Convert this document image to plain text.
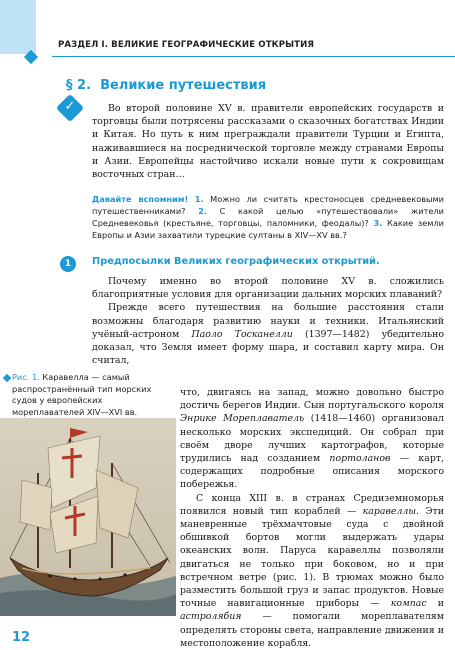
РАЗДЕЛ I. ВЕЛИКИЕ ГЕОГРАФИЧЕСКИЕ ОТКРЫТИЯ
§ 2. Великие путешествия
✓	Во второй половине XV в. правители европейских государств и торговцы были потрясены рассказами о сказочных богатствах Индии и Китая. Но путь к ним преграждали правители Турции и Египта, наживавшиеся на посреднической торговле между странами Европы и Азии. Европейцы настойчиво искали новые пути к сокровищам восточных стран…

Давайте вспомним! 1. Можно ли считать крестоносцев средневековыми путешественниками? 2. С какой целью «путешествовали» жители Средневековья (крестьяне, торговцы, паломники, феодалы)? 3. Какие земли Европы и Азии захватили турецкие султаны в XIV—XV вв.?
1	Предпосылки Великих географических открытий.

Почему именно во второй половине XV в. сложились благоприятные условия для организации дальних морских плаваний?

Прежде всего путешествия на большие расстояния стали возможны благодаря развитию науки и техники. Итальянский учёный-астроном Паоло Тосканелли (1397—1482) убедительно доказал, что Земля имеет форму шара, и составил карту мира. Он считал,

Рис. 1. Каравелла — самый распространённый тип морских судов у европейских мореплавателей XIV—XVI вв.

что, двигаясь на запад, можно довольно быстро достичь берегов Индии. Сын португальского короля Энрике Мореплаватель (1418—1460) организовал несколько морских экспедиций. Он собрал при своём дворе лучших картографов, которые трудились над созданием портоланов — карт, содержащих подробные описания морского побережья.

С конца XIII в. в странах Средиземноморья появился новый тип кораблей — каравеллы. Эти маневренные трёхмачтовые суда с двойной обшивкой бортов могли выдержать удары океанских волн. Паруса каравеллы позволяли двигаться не только при боковом, но и при встречном ветре (рис. 1). В трюмах можно было разместить большой груз и запас продуктов. Новые точные навигационные приборы — компас и астролябия — помогали мореплавателям определять стороны света, направление движения и местоположение корабля.

12
